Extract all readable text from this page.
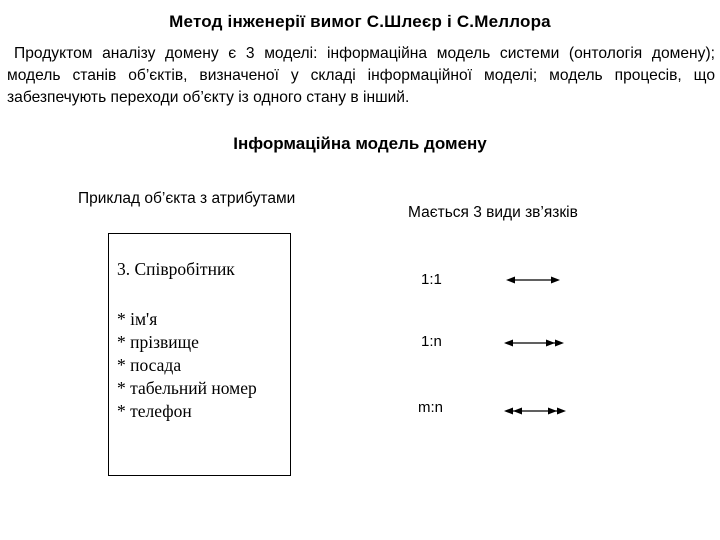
Метод інженерії вимог С.Шлеєр і С.Меллора
Продуктом аналізу домену є 3 моделі: інформаційна модель системи (онтологія домену); модель станів об’єктів, визначеної у складі інформаційної моделі; модель процесів, що забезпечують переходи об’єкту із одного стану в інший.
Інформаційна модель домену
Приклад об’єкта з атрибутами
Мається 3 види зв’язків
3. Співробітник
* ім'я
* прізвище
* посада
* табельний номер
* телефон
1:1
1:n
m:n
